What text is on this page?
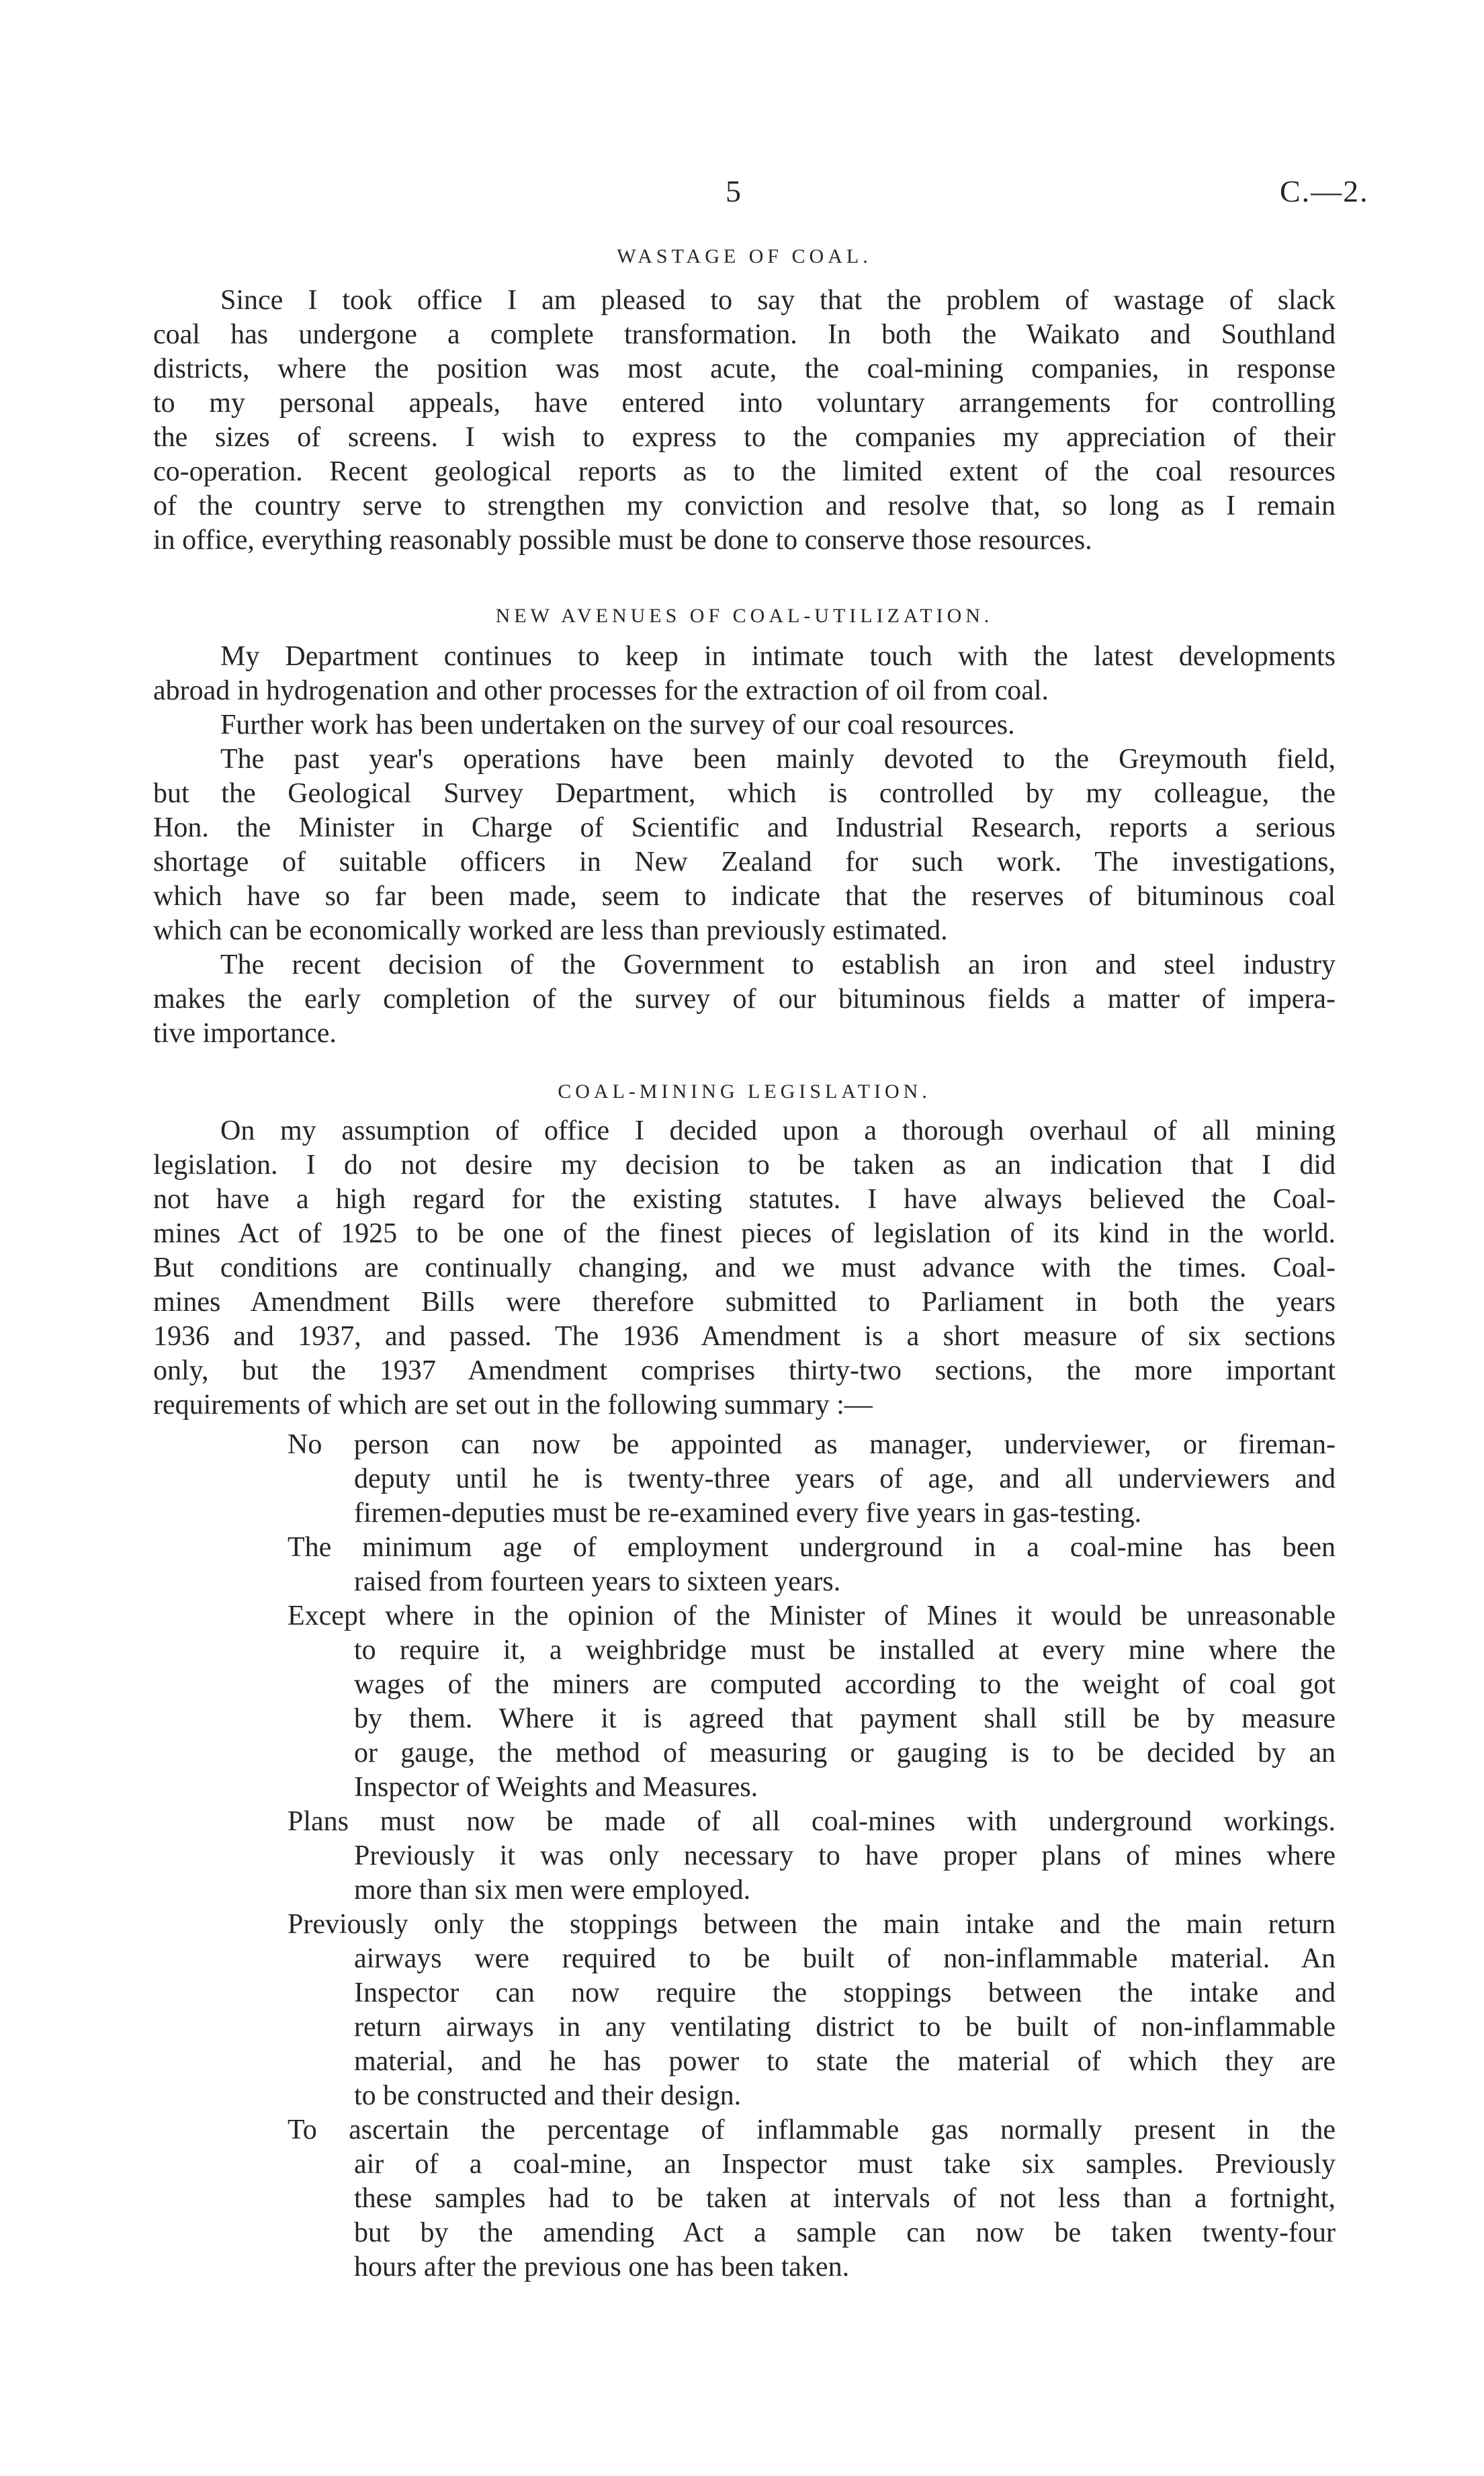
5	C.—2.
WASTAGE OF COAL.
Since I took office I am pleased to say that the problem of wastage of slack
coal has undergone a complete transformation. In both the Waikato and Southland
districts, where the position was most acute, the coal-mining companies, in response
to my personal appeals, have entered into voluntary arrangements for controlling
the sizes of screens. I wish to express to the companies my appreciation of their
co-operation. Recent geological reports as to the limited extent of the coal resources
of the country serve to strengthen my conviction and resolve that, so long as I remain
in office, everything reasonably possible must be done to conserve those resources.
NEW AVENUES OF COAL-UTILIZATION.
My Department continues to keep in intimate touch with the latest developments
abroad in hydrogenation and other processes for the extraction of oil from coal.
Further work has been undertaken on the survey of our coal resources.
The past year's operations have been mainly devoted to the Greymouth field,
but the Geological Survey Department, which is controlled by my colleague, the
Hon. the Minister in Charge of Scientific and Industrial Research, reports a serious
shortage of suitable officers in New Zealand for such work. The investigations,
which have so far been made, seem to indicate that the reserves of bituminous coal
which can be economically worked are less than previously estimated.
The recent decision of the Government to establish an iron and steel industry
makes the early completion of the survey of our bituminous fields a matter of impera-
tive importance.
COAL-MINING LEGISLATION.
On my assumption of office I decided upon a thorough overhaul of all mining
legislation. I do not desire my decision to be taken as an indication that I did
not have a high regard for the existing statutes. I have always believed the Coal-
mines Act of 1925 to be one of the finest pieces of legislation of its kind in the world.
But conditions are continually changing, and we must advance with the times. Coal-
mines Amendment Bills were therefore submitted to Parliament in both the years
1936 and 1937, and passed. The 1936 Amendment is a short measure of six sections
only, but the 1937 Amendment comprises thirty-two sections, the more important
requirements of which are set out in the following summary :—
No person can now be appointed as manager, underviewer, or fireman-
deputy until he is twenty-three years of age, and all underviewers and
firemen-deputies must be re-examined every five years in gas-testing.
The minimum age of employment underground in a coal-mine has been
raised from fourteen years to sixteen years.
Except where in the opinion of the Minister of Mines it would be unreasonable
to require it, a weighbridge must be installed at every mine where the
wages of the miners are computed according to the weight of coal got
by them. Where it is agreed that payment shall still be by measure
or gauge, the method of measuring or gauging is to be decided by an
Inspector of Weights and Measures.
Plans must now be made of all coal-mines with underground workings.
Previously it was only necessary to have proper plans of mines where
more than six men were employed.
Previously only the stoppings between the main intake and the main return
airways were required to be built of non-inflammable material. An
Inspector can now require the stoppings between the intake and
return airways in any ventilating district to be built of non-inflammable
material, and he has power to state the material of which they are
to be constructed and their design.
To ascertain the percentage of inflammable gas normally present in the
air of a coal-mine, an Inspector must take six samples. Previously
these samples had to be taken at intervals of not less than a fortnight,
but by the amending Act a sample can now be taken twenty-four
hours after the previous one has been taken.
